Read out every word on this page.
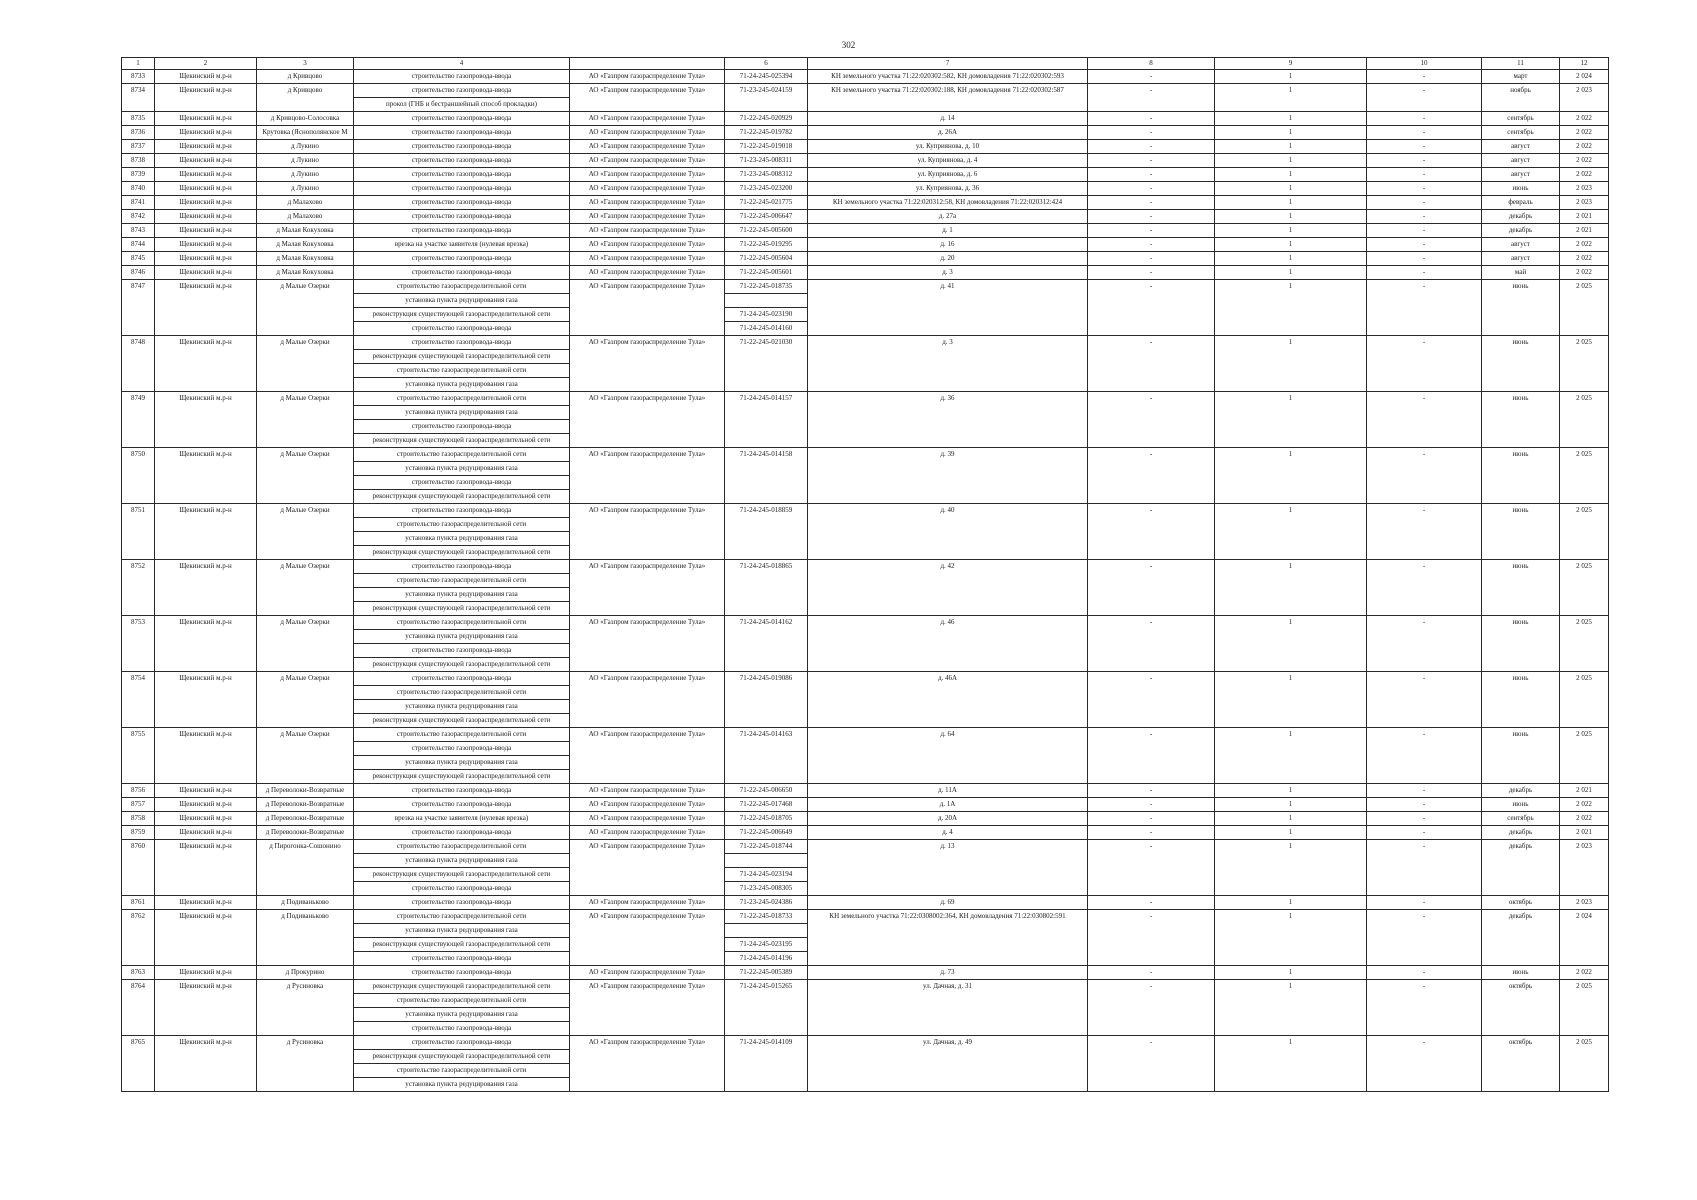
302
1	2	3	4		6	7	8	9	10	11	12
8733	Щекинский м.р-н	д Кривцово	строительство газопровода-ввода	АО «Газпром газораспределение Тула»	71-24-245-025394	КН земельного участка 71:22:020302:582, КН домовладения 71:22:020302:593	-	1	-	март	2 024
8734	Щекинский м.р-н	д Кривцово	строительство газопровода-ввода	АО «Газпром газораспределение Тула»	71-23-245-024159	КН земельного участка 71:22:020302:188, КН домовладения 71:22:020302:587	-	1	-	ноябрь	2 023
			прокол (ГНБ и бестраншейный способ прокладки)								
8735	Щекинский м.р-н	д Кривцово-Солосовка	строительство газопровода-ввода	АО «Газпром газораспределение Тула»	71-22-245-020929	д. 14	-	1	-	сентябрь	2 022
8736	Щекинский м.р-н	Крутовка (Яснополянское М	строительство газопровода-ввода	АО «Газпром газораспределение Тула»	71-22-245-019782	д. 26А	-	1	-	сентябрь	2 022
8737	Щекинский м.р-н	д Лукино	строительство газопровода-ввода	АО «Газпром газораспределение Тула»	71-22-245-019018	ул. Куприянова, д. 10	-	1	-	август	2 022
8738	Щекинский м.р-н	д Лукино	строительство газопровода-ввода	АО «Газпром газораспределение Тула»	71-23-245-008311	ул. Куприянова, д. 4	-	1	-	август	2 022
8739	Щекинский м.р-н	д Лукино	строительство газопровода-ввода	АО «Газпром газораспределение Тула»	71-23-245-008312	ул. Куприянова, д. 6	-	1	-	август	2 022
8740	Щекинский м.р-н	д Лукино	строительство газопровода-ввода	АО «Газпром газораспределение Тула»	71-23-245-023200	ул. Куприянова, д. 36	-	1	-	июнь	2 023
8741	Щекинский м.р-н	д Малахово	строительство газопровода-ввода	АО «Газпром газораспределение Тула»	71-22-245-021775	КН земельного участка 71:22:020312:58, КН домовладения 71:22:020312:424	-	1	-	февраль	2 023
8742	Щекинский м.р-н	д Малахово	строительство газопровода-ввода	АО «Газпром газораспределение Тула»	71-22-245-006647	д. 27а	-	1	-	декабрь	2 021
8743	Щекинский м.р-н	д Малая Кокуховка	строительство газопровода-ввода	АО «Газпром газораспределение Тула»	71-22-245-005600	д. 1	-	1	-	декабрь	2 021
8744	Щекинский м.р-н	д Малая Кокуховка	врезка на участке заявителя (нулевая врезка)	АО «Газпром газораспределение Тула»	71-22-245-019295	д. 16	-	1	-	август	2 022
8745	Щекинский м.р-н	д Малая Кокуховка	строительство газопровода-ввода	АО «Газпром газораспределение Тула»	71-22-245-005604	д. 20	-	1	-	август	2 022
8746	Щекинский м.р-н	д Малая Кокуховка	строительство газопровода-ввода	АО «Газпром газораспределение Тула»	71-22-245-005601	д. 3	-	1	-	май	2 022
8747	Щекинский м.р-н	д Малые Озерки	строительство газораспределительной сети	АО «Газпром газораспределение Тула»	71-22-245-018735	д. 41	-	1	-	июнь	2 025
			установка пункта редуцирования газа								
			реконструкция существующей газораспределительной сети		71-24-245-023190						
			строительство газопровода-ввода		71-24-245-014160						
8748	Щекинский м.р-н	д Малые Озерки	строительство газопровода-ввода	АО «Газпром газораспределение Тула»	71-22-245-021030	д. 3	-	1	-	июнь	2 025
			реконструкция существующей газораспределительной сети								
			строительство газораспределительной сети								
			установка пункта редуцирования газа								
8749	Щекинский м.р-н	д Малые Озерки	строительство газораспределительной сети	АО «Газпром газораспределение Тула»	71-24-245-014157	д. 36	-	1	-	июнь	2 025
			установка пункта редуцирования газа								
			строительство газопровода-ввода								
			реконструкция существующей газораспределительной сети								
8750	Щекинский м.р-н	д Малые Озерки	строительство газораспределительной сети	АО «Газпром газораспределение Тула»	71-24-245-014158	д. 39	-	1	-	июнь	2 025
			установка пункта редуцирования газа								
			строительство газопровода-ввода								
			реконструкция существующей газораспределительной сети								
8751	Щекинский м.р-н	д Малые Озерки	строительство газопровода-ввода	АО «Газпром газораспределение Тула»	71-24-245-018859	д. 40	-	1	-	июнь	2 025
			строительство газораспределительной сети								
			установка пункта редуцирования газа								
			реконструкция существующей газораспределительной сети								
8752	Щекинский м.р-н	д Малые Озерки	строительство газопровода-ввода	АО «Газпром газораспределение Тула»	71-24-245-018865	д. 42	-	1	-	июнь	2 025
			строительство газораспределительной сети								
			установка пункта редуцирования газа								
			реконструкция существующей газораспределительной сети								
8753	Щекинский м.р-н	д Малые Озерки	строительство газораспределительной сети	АО «Газпром газораспределение Тула»	71-24-245-014162	д. 46	-	1	-	июнь	2 025
			установка пункта редуцирования газа								
			строительство газопровода-ввода								
			реконструкция существующей газораспределительной сети								
8754	Щекинский м.р-н	д Малые Озерки	строительство газопровода-ввода	АО «Газпром газораспределение Тула»	71-24-245-019086	д. 46А	-	1	-	июнь	2 025
			строительство газораспределительной сети								
			установка пункта редуцирования газа								
			реконструкция существующей газораспределительной сети								
8755	Щекинский м.р-н	д Малые Озерки	строительство газораспределительной сети	АО «Газпром газораспределение Тула»	71-24-245-014163	д. 64	-	1	-	июнь	2 025
			строительство газопровода-ввода								
			установка пункта редуцирования газа								
			реконструкция существующей газораспределительной сети								
8756	Щекинский м.р-н	д Переволоки-Возвратные	строительство газопровода-ввода	АО «Газпром газораспределение Тула»	71-22-245-006650	д. 11А	-	1	-	декабрь	2 021
8757	Щекинский м.р-н	д Переволоки-Возвратные	строительство газопровода-ввода	АО «Газпром газораспределение Тула»	71-22-245-017468	д. 1А	-	1	-	июнь	2 022
8758	Щекинский м.р-н	д Переволоки-Возвратные	врезка на участке заявителя (нулевая врезка)	АО «Газпром газораспределение Тула»	71-22-245-018705	д. 20А	-	1	-	сентябрь	2 022
8759	Щекинский м.р-н	д Переволоки-Возвратные	строительство газопровода-ввода	АО «Газпром газораспределение Тула»	71-22-245-006649	д. 4	-	1	-	декабрь	2 021
8760	Щекинский м.р-н	д Пирогонка-Сошонино	строительство газораспределительной сети	АО «Газпром газораспределение Тула»	71-22-245-018744	д. 13	-	1	-	декабрь	2 023
			установка пункта редуцирования газа								
			реконструкция существующей газораспределительной сети		71-24-245-023194						
			строительство газопровода-ввода		71-23-245-008305						
8761	Щекинский м.р-н	д Подиваньково	строительство газопровода-ввода	АО «Газпром газораспределение Тула»	71-23-245-024386	д. 69	-	1	-	октябрь	2 023
8762	Щекинский м.р-н	д Подиваньково	строительство газораспределительной сети	АО «Газпром газораспределение Тула»	71-22-245-018733	КН земельного участка 71:22:0308002:364, КН домовладения 71:22:030802:591	-	1	-	декабрь	2 024
			установка пункта редуцирования газа								
			реконструкция существующей газораспределительной сети		71-24-245-023195						
			строительство газопровода-ввода		71-24-245-014196						
8763	Щекинский м.р-н	д Прокурино	строительство газопровода-ввода	АО «Газпром газораспределение Тула»	71-22-245-005389	д. 73	-	1	-	июнь	2 022
8764	Щекинский м.р-н	д Русиновка	реконструкция существующей газораспределительной сети	АО «Газпром газораспределение Тула»	71-24-245-015265	ул. Дачная, д. 31	-	1	-	октябрь	2 025
			строительство газораспределительной сети								
			установка пункта редуцирования газа								
			строительство газопровода-ввода								
8765	Щекинский м.р-н	д Русиновка	строительство газопровода-ввода	АО «Газпром газораспределение Тула»	71-24-245-014109	ул. Дачная, д. 49	-	1	-	октябрь	2 025
			реконструкция существующей газораспределительной сети								
			строительство газораспределительной сети								
			установка пункта редуцирования газа								
